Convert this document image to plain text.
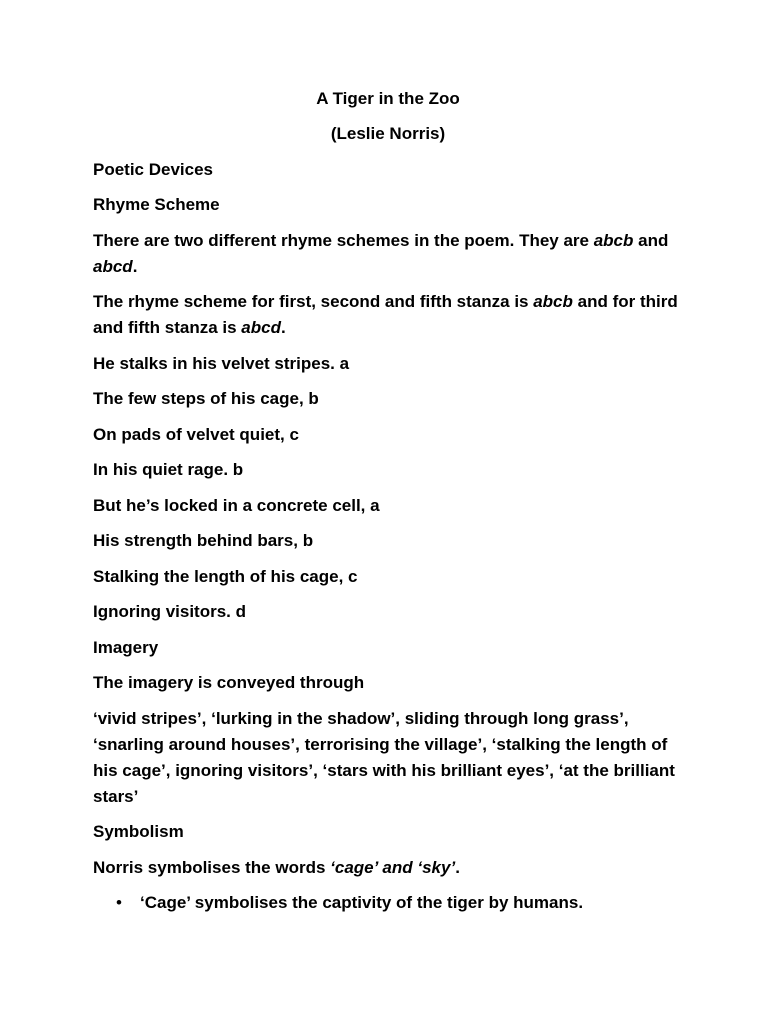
A Tiger in the Zoo

(Leslie Norris)

Poetic Devices

Rhyme Scheme

There are two different rhyme schemes in the poem. They are abcb and abcd.

The rhyme scheme for first, second and fifth stanza is abcb and for third and fifth stanza is abcd.

He stalks in his velvet stripes. a

The few steps of his cage, b

On pads of velvet quiet, c

In his quiet rage. b

But he’s locked in a concrete cell, a

His strength behind bars, b

Stalking the length of his cage, c

Ignoring visitors. d

Imagery

The imagery is conveyed through

‘vivid stripes’, ‘lurking in the shadow’, sliding through long grass’, ‘snarling around houses’, terrorising the village’, ‘stalking the length of his cage’, ignoring visitors’, ‘stars with his brilliant eyes’, ‘at the brilliant stars’

Symbolism

Norris symbolises the words ‘cage’ and ‘sky’.

• ‘Cage’ symbolises the captivity of the tiger by humans.
